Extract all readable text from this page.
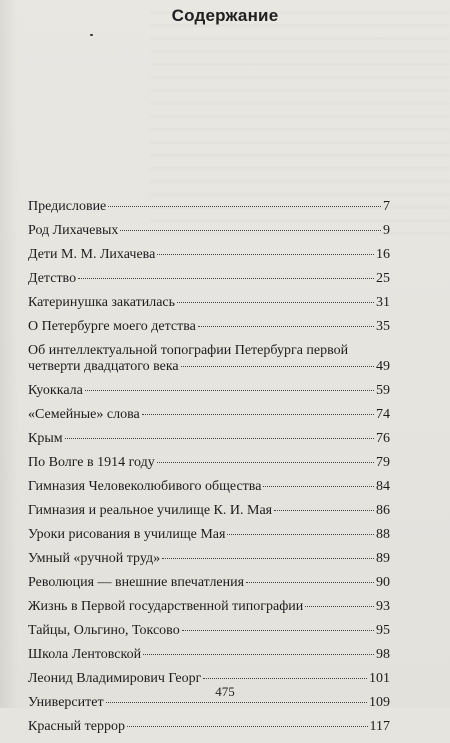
Содержание
Предисловие	7
Род Лихачевых	9
Дети М. М. Лихачева	16
Детство	25
Катеринушка закатилась	31
О Петербурге моего детства	35
Об интеллектуальной топографии Петербурга первой
четверти двадцатого века	49
Куоккала	59
«Семейные» слова	74
Крым	76
По Волге в 1914 году	79
Гимназия Человеколюбивого общества	84
Гимназия и реальное училище К. И. Мая	86
Уроки рисования в училище Мая	88
Умный «ручной труд»	89
Революция — внешние впечатления	90
Жизнь в Первой государственной типографии	93
Тайцы, Ольгино, Токсово	95
Школа Лентовской	98
Леонид Владимирович Георг	101
Университет	109
Красный террор	117
475
